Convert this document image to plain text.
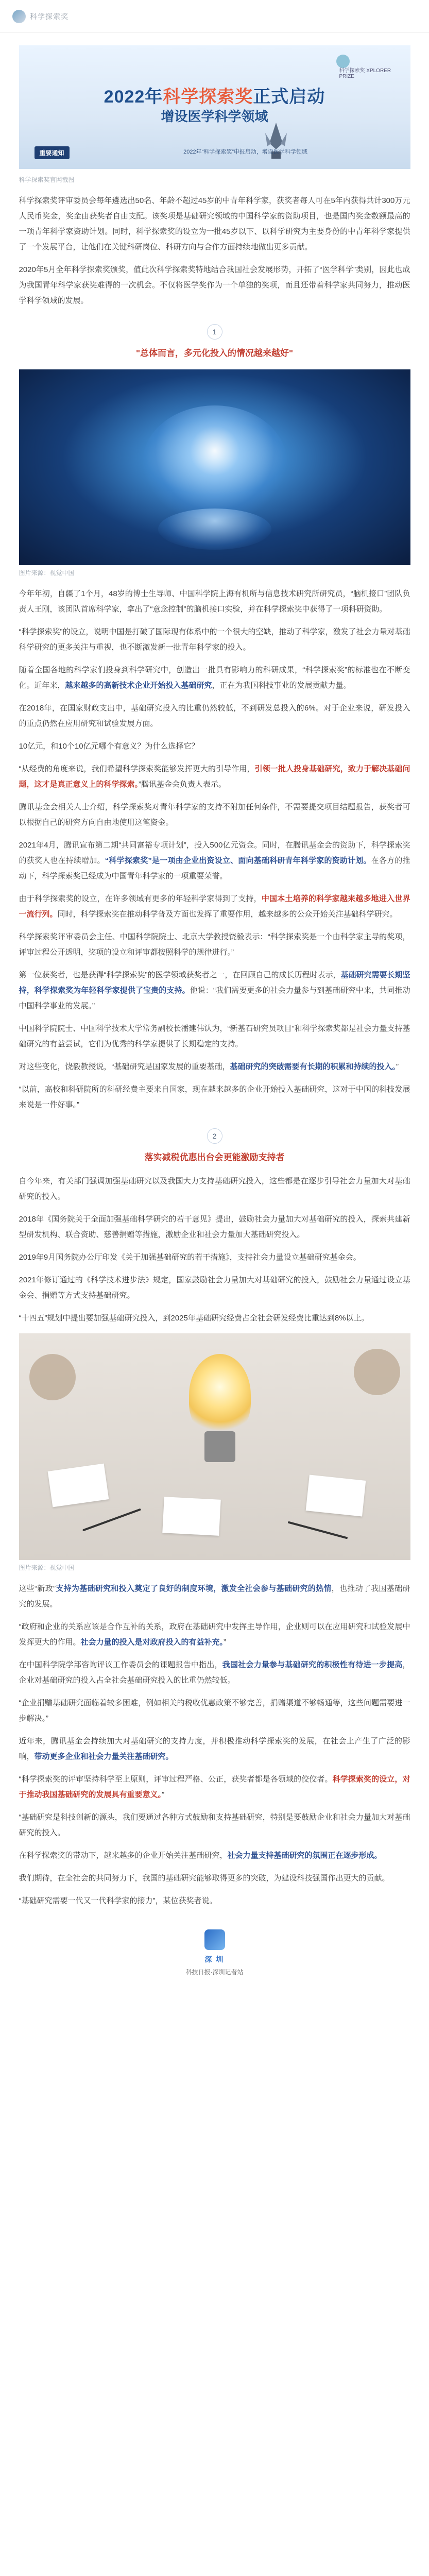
科学探索奖
科学探索奖 XPLORER PRIZE
2022年科学探索奖正式启动
增设医学科学领域
重要通知	2022年“科学探索奖”申报启动，增设医学科学领域
科学探索奖官网截图
科学探索奖评审委员会每年遴选出50名、年龄不超过45岁的中青年科学家，获奖者每人可在5年内获得共计300万元人民币奖金，奖金由获奖者自由支配。该奖项是基础研究领域的中国科学家的资助项目，也是国内奖金数额最高的一项青年科学家资助计划。同时，科学探索奖的设立为一批45岁以下、以科学研究为主要身份的中青年科学家提供了一个发展平台，让他们在关键科研岗位、科研方向与合作方面持续地做出更多贡献。
2020年5月全年科学探索奖颁奖，值此次科学探索奖特地结合我国社会发展形势，开拓了“医学科学”类别，因此也成为我国青年科学家获奖难得的一次机会。不仅将医学奖作为一个单独的奖项，而且还带着科学家共同努力，推动医学科学领域的发展。
1
"总体而言，多元化投入的情况越来越好"
图片来源：视觉中国
今年年初，自疆了1个月，48岁的博士生导师、中国科学院上海有机所与信息技术研究所研究员，“脑机接口”团队负责人王刚，该团队首席科学家，拿出了“意念控制”的脑机接口实验，并在科学探索奖中获得了一项科研资助。
“科学探索奖”的设立，说明中国是打破了国际现有体系中的一个很大的空缺，推动了科学家，激发了社会力量对基础科学研究的更多关注与重视，也不断激发新一批青年科学家的投入。
随着全国各地的科学家们投身到科学研究中，创造出一批具有影响力的科研成果，“科学探索奖”的标准也在不断变化。近年来，越来越多的高新技术企业开始投入基础研究，正在为我国科技事业的发展贡献力量。
在2018年，在国家财政支出中，基础研究投入的比重仍然较低，不到研发总投入的6%。对于企业来说，研发投入的重点仍然在应用研究和试验发展方面。
10亿元，和10个10亿元哪个有意义？为什么选择它？
“从经费的角度来说，我们希望科学探索奖能够发挥更大的引导作用，引领一批人投身基础研究，致力于解决基础问题，这才是真正意义上的科学探索。”腾讯基金会负责人表示。
腾讯基金会相关人士介绍，科学探索奖对青年科学家的支持不附加任何条件，不需要提交项目结题报告，获奖者可以根据自己的研究方向自由地使用这笔资金。
2021年4月，腾讯宣布第二期“共同富裕专项计划”，投入500亿元资金。同时，在腾讯基金会的资助下，科学探索奖的获奖人也在持续增加。“科学探索奖”是一项由企业出资设立、面向基础科研青年科学家的资助计划。在各方的推动下，科学探索奖已经成为中国青年科学家的一项重要荣誉。
由于科学探索奖的设立，在许多领域有更多的年轻科学家得到了支持，中国本土培养的科学家越来越多地进入世界一流行列。同时，科学探索奖在推动科学普及方面也发挥了重要作用，越来越多的公众开始关注基础科学研究。
科学探索奖评审委员会主任、中国科学院院士、北京大学教授饶毅表示：“科学探索奖是一个由科学家主导的奖项，评审过程公开透明，奖项的设立和评审都按照科学的规律进行。”
第一位获奖者，也是获得“科学探索奖”的医学领域获奖者之一，在回顾自己的成长历程时表示，基础研究需要长期坚持，科学探索奖为年轻科学家提供了宝贵的支持。他说：“我们需要更多的社会力量参与到基础研究中来，共同推动中国科学事业的发展。”
中国科学院院士、中国科学技术大学常务副校长潘建伟认为，“新基石研究员项目”和科学探索奖都是社会力量支持基础研究的有益尝试，它们为优秀的科学家提供了长期稳定的支持。
对这些变化，饶毅教授说，“基础研究是国家发展的重要基础，基础研究的突破需要有长期的积累和持续的投入。”
“以前，高校和科研院所的科研经费主要来自国家，现在越来越多的企业开始投入基础研究，这对于中国的科技发展来说是一件好事。”
2
落实减税优惠出台会更能激励支持者
自今年来，有关部门强调加强基础研究以及我国大力支持基础研究投入，这些都是在逐步引导社会力量加大对基础研究的投入。
2018年《国务院关于全面加强基础科学研究的若干意见》提出，鼓励社会力量加大对基础研究的投入，探索共建新型研发机构、联合资助、慈善捐赠等措施，激励企业和社会力量加大基础研究投入。
2019年9月国务院办公厅印发《关于加强基础研究的若干措施》，支持社会力量设立基础研究基金会。
2021年修订通过的《科学技术进步法》规定，国家鼓励社会力量加大对基础研究的投入，鼓励社会力量通过设立基金会、捐赠等方式支持基础研究。
“十四五”规划中提出要加强基础研究投入，到2025年基础研究经费占全社会研发经费比重达到8%以上。
图片来源：视觉中国
这些“新政”支持为基础研究和投入奠定了良好的制度环境，激发全社会参与基础研究的热情，也推动了我国基础研究的发展。
“政府和企业的关系应该是合作互补的关系，政府在基础研究中发挥主导作用，企业则可以在应用研究和试验发展中发挥更大的作用。社会力量的投入是对政府投入的有益补充。”
在中国科学院学部咨询评议工作委员会的课题报告中指出，我国社会力量参与基础研究的积极性有待进一步提高，企业对基础研究的投入占全社会基础研究投入的比重仍然较低。
“企业捐赠基础研究面临着较多困难，例如相关的税收优惠政策不够完善，捐赠渠道不够畅通等，这些问题需要进一步解决。”
近年来，腾讯基金会持续加大对基础研究的支持力度，并积极推动科学探索奖的发展，在社会上产生了广泛的影响，带动更多企业和社会力量关注基础研究。
“科学探索奖的评审坚持科学至上原则，评审过程严格、公正，获奖者都是各领域的佼佼者。科学探索奖的设立，对于推动我国基础研究的发展具有重要意义。”
“基础研究是科技创新的源头，我们要通过各种方式鼓励和支持基础研究，特别是要鼓励企业和社会力量加大对基础研究的投入。
在科学探索奖的带动下，越来越多的企业开始关注基础研究，社会力量支持基础研究的氛围正在逐步形成。
我们期待，在全社会的共同努力下，我国的基础研究能够取得更多的突破，为建设科技强国作出更大的贡献。
“基础研究需要一代又一代科学家的接力”，某位获奖者说。
深 圳
科技日报·深圳记者站
